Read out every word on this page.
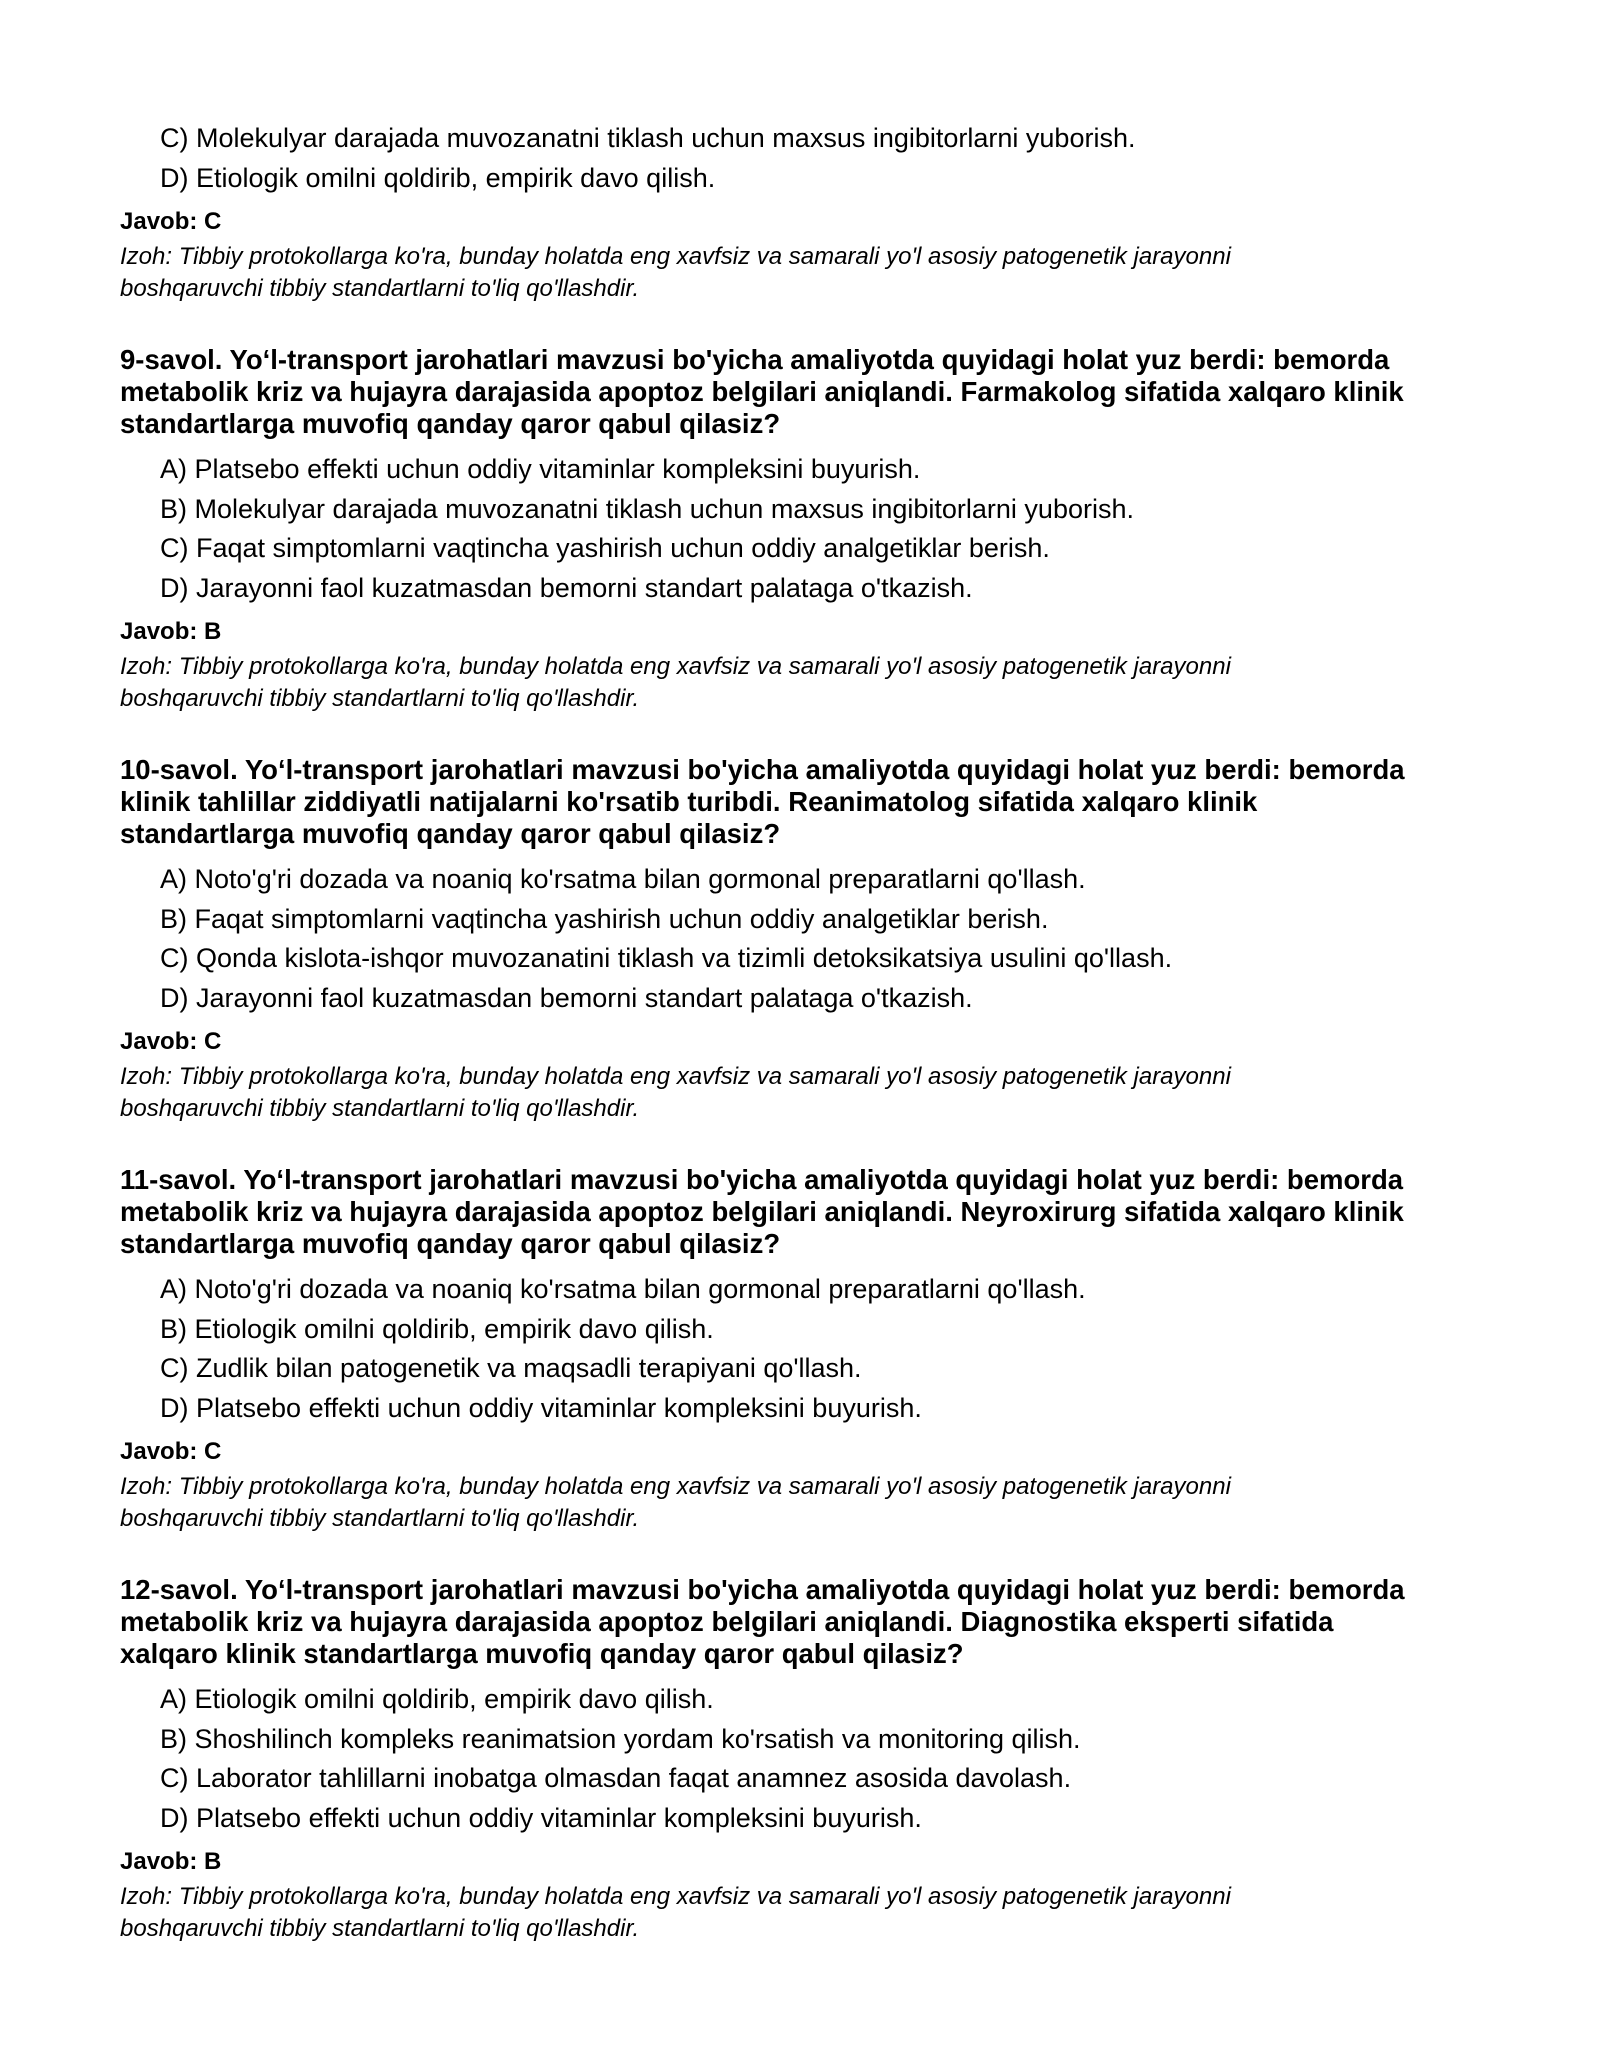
C) Molekulyar darajada muvozanatni tiklash uchun maxsus ingibitorlarni yuborish.
D) Etiologik omilni qoldirib, empirik davo qilish.
Javob: C
Izoh: Tibbiy protokollarga ko'ra, bunday holatda eng xavfsiz va samarali yo'l asosiy patogenetik jarayonni
boshqaruvchi tibbiy standartlarni to'liq qo'llashdir.
9-savol. Yo‘l-transport jarohatlari mavzusi bo'yicha amaliyotda quyidagi holat yuz berdi: bemorda
metabolik kriz va hujayra darajasida apoptoz belgilari aniqlandi. Farmakolog sifatida xalqaro klinik
standartlarga muvofiq qanday qaror qabul qilasiz?
A) Platsebo effekti uchun oddiy vitaminlar kompleksini buyurish.
B) Molekulyar darajada muvozanatni tiklash uchun maxsus ingibitorlarni yuborish.
C) Faqat simptomlarni vaqtincha yashirish uchun oddiy analgetiklar berish.
D) Jarayonni faol kuzatmasdan bemorni standart palataga o'tkazish.
Javob: B
Izoh: Tibbiy protokollarga ko'ra, bunday holatda eng xavfsiz va samarali yo'l asosiy patogenetik jarayonni
boshqaruvchi tibbiy standartlarni to'liq qo'llashdir.
10-savol. Yo‘l-transport jarohatlari mavzusi bo'yicha amaliyotda quyidagi holat yuz berdi: bemorda
klinik tahlillar ziddiyatli natijalarni ko'rsatib turibdi. Reanimatolog sifatida xalqaro klinik
standartlarga muvofiq qanday qaror qabul qilasiz?
A) Noto'g'ri dozada va noaniq ko'rsatma bilan gormonal preparatlarni qo'llash.
B) Faqat simptomlarni vaqtincha yashirish uchun oddiy analgetiklar berish.
C) Qonda kislota-ishqor muvozanatini tiklash va tizimli detoksikatsiya usulini qo'llash.
D) Jarayonni faol kuzatmasdan bemorni standart palataga o'tkazish.
Javob: C
Izoh: Tibbiy protokollarga ko'ra, bunday holatda eng xavfsiz va samarali yo'l asosiy patogenetik jarayonni
boshqaruvchi tibbiy standartlarni to'liq qo'llashdir.
11-savol. Yo‘l-transport jarohatlari mavzusi bo'yicha amaliyotda quyidagi holat yuz berdi: bemorda
metabolik kriz va hujayra darajasida apoptoz belgilari aniqlandi. Neyroxirurg sifatida xalqaro klinik
standartlarga muvofiq qanday qaror qabul qilasiz?
A) Noto'g'ri dozada va noaniq ko'rsatma bilan gormonal preparatlarni qo'llash.
B) Etiologik omilni qoldirib, empirik davo qilish.
C) Zudlik bilan patogenetik va maqsadli terapiyani qo'llash.
D) Platsebo effekti uchun oddiy vitaminlar kompleksini buyurish.
Javob: C
Izoh: Tibbiy protokollarga ko'ra, bunday holatda eng xavfsiz va samarali yo'l asosiy patogenetik jarayonni
boshqaruvchi tibbiy standartlarni to'liq qo'llashdir.
12-savol. Yo‘l-transport jarohatlari mavzusi bo'yicha amaliyotda quyidagi holat yuz berdi: bemorda
metabolik kriz va hujayra darajasida apoptoz belgilari aniqlandi. Diagnostika eksperti sifatida
xalqaro klinik standartlarga muvofiq qanday qaror qabul qilasiz?
A) Etiologik omilni qoldirib, empirik davo qilish.
B) Shoshilinch kompleks reanimatsion yordam ko'rsatish va monitoring qilish.
C) Laborator tahlillarni inobatga olmasdan faqat anamnez asosida davolash.
D) Platsebo effekti uchun oddiy vitaminlar kompleksini buyurish.
Javob: B
Izoh: Tibbiy protokollarga ko'ra, bunday holatda eng xavfsiz va samarali yo'l asosiy patogenetik jarayonni
boshqaruvchi tibbiy standartlarni to'liq qo'llashdir.
